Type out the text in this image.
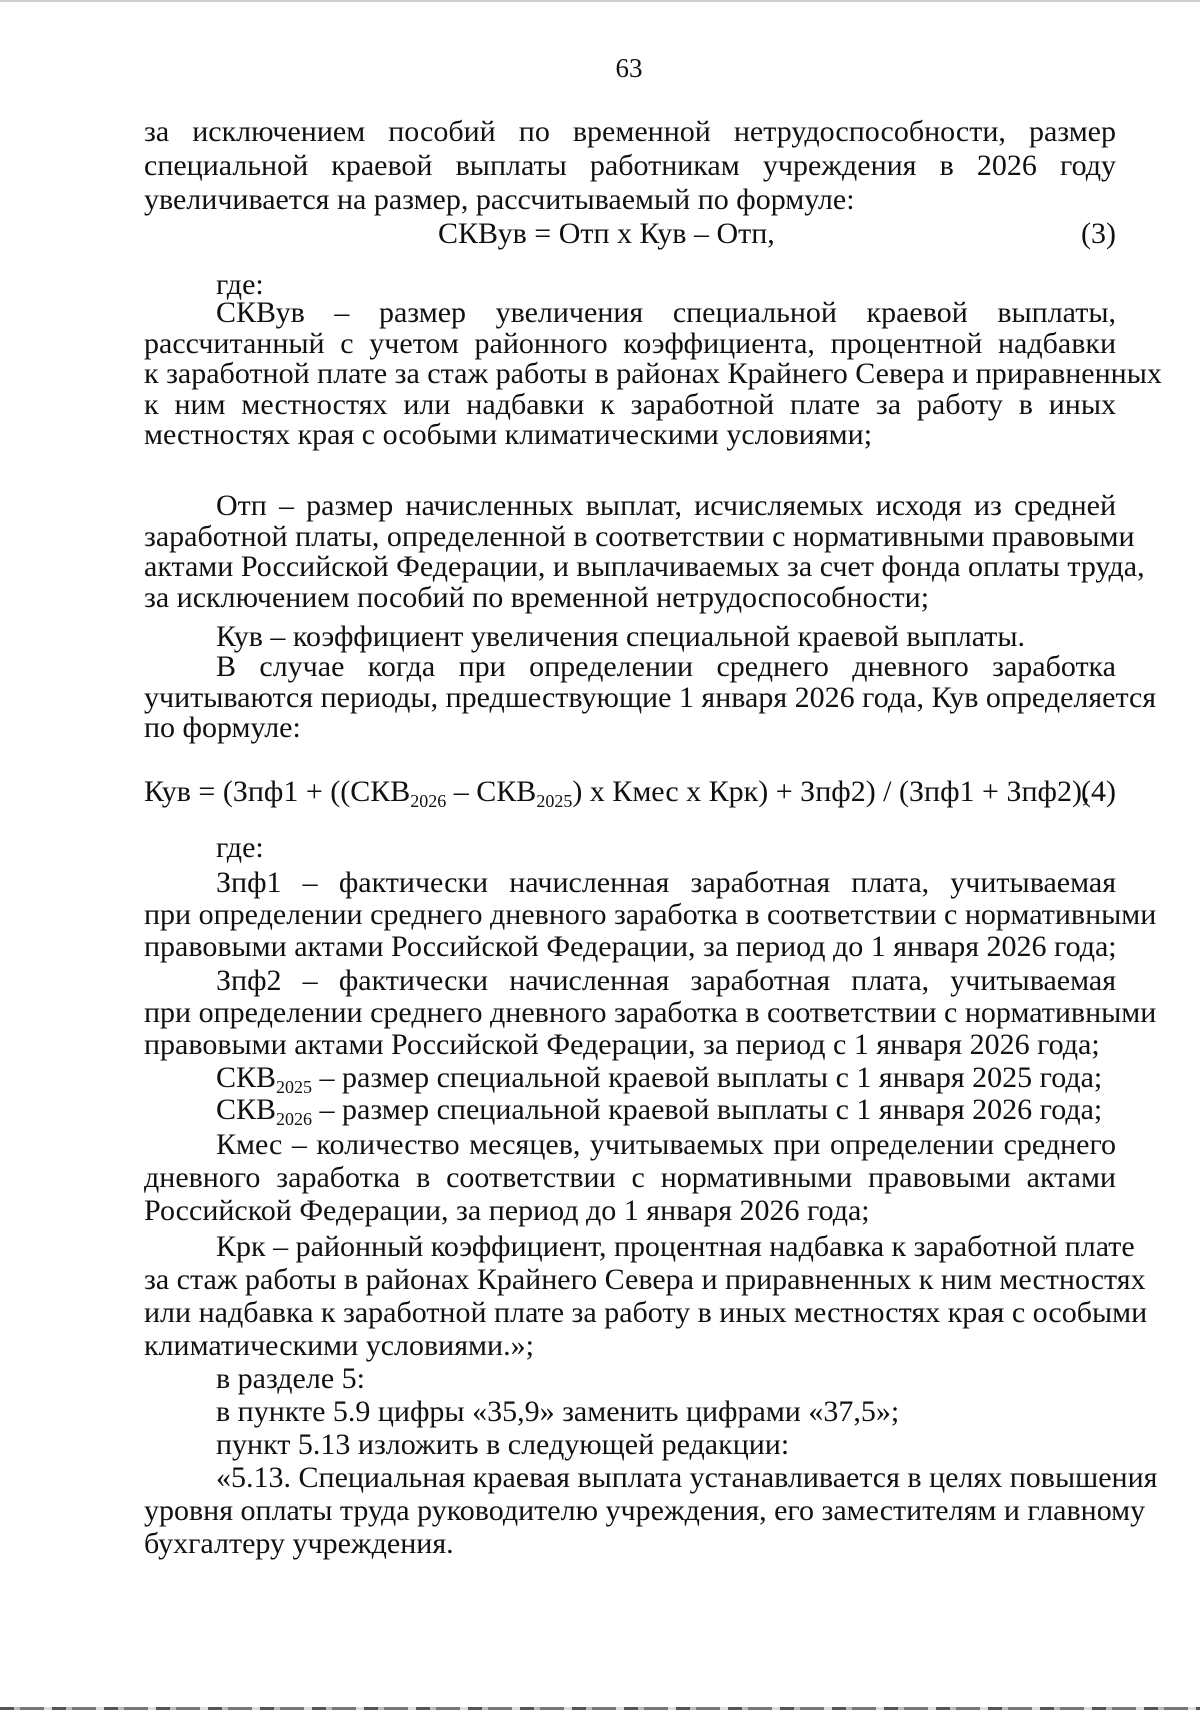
63
за исключением пособий по временной нетрудоспособности, размер
специальной краевой выплаты работникам учреждения в 2026 году
увеличивается на размер, рассчитываемый по формуле:
СКВув = Отп х Кув – Отп,	(3)
где:
СКВув – размер увеличения специальной краевой выплаты,
рассчитанный с учетом районного коэффициента, процентной надбавки
к заработной плате за стаж работы в районах Крайнего Севера и приравненных
к ним местностях или надбавки к заработной плате за работу в иных
местностях края с особыми климатическими условиями;
Отп – размер начисленных выплат, исчисляемых исходя из средней
заработной платы, определенной в соответствии с нормативными правовыми
актами Российской Федерации, и выплачиваемых за счет фонда оплаты труда,
за исключением пособий по временной нетрудоспособности;
Кув – коэффициент увеличения специальной краевой выплаты.
В случае когда при определении среднего дневного заработка
учитываются периоды, предшествующие 1 января 2026 года, Кув определяется
по формуле:
Кув = ($Зпф1 + ((СКВ_{2026} - СКВ_{2025})$ х Кмес х Крк) + Зпф2) / (Зпф1 + Зпф2),
(4)
где:
Зпф1 – фактически начисленная заработная плата, учитываемая
при определении среднего дневного заработка в соответствии с нормативными
правовыми актами Российской Федерации, за период до 1 января 2026 года;
Зпф2 – фактически начисленная заработная плата, учитываемая
при определении среднего дневного заработка в соответствии с нормативными
правовыми актами Российской Федерации, за период с 1 января 2026 года;
$СКВ_{2025}$ – размер специальной краевой выплаты с 1 января 2025 года;
$СКВ_{2026}$ – размер специальной краевой выплаты с 1 января 2026 года;
Кмес – количество месяцев, учитываемых при определении среднего
дневного заработка в соответствии с нормативными правовыми актами
Российской Федерации, за период до 1 января 2026 года;
Крк – районный коэффициент, процентная надбавка к заработной плате
за стаж работы в районах Крайнего Севера и приравненных к ним местностях
или надбавка к заработной плате за работу в иных местностях края с особыми
климатическими условиями.»;
в разделе 5:
в пункте 5.9 цифры «35,9» заменить цифрами «37,5»;
пункт 5.13 изложить в следующей редакции:
«5.13. Специальная краевая выплата устанавливается в целях повышения
уровня оплаты труда руководителю учреждения, его заместителям и главному
бухгалтеру учреждения.
